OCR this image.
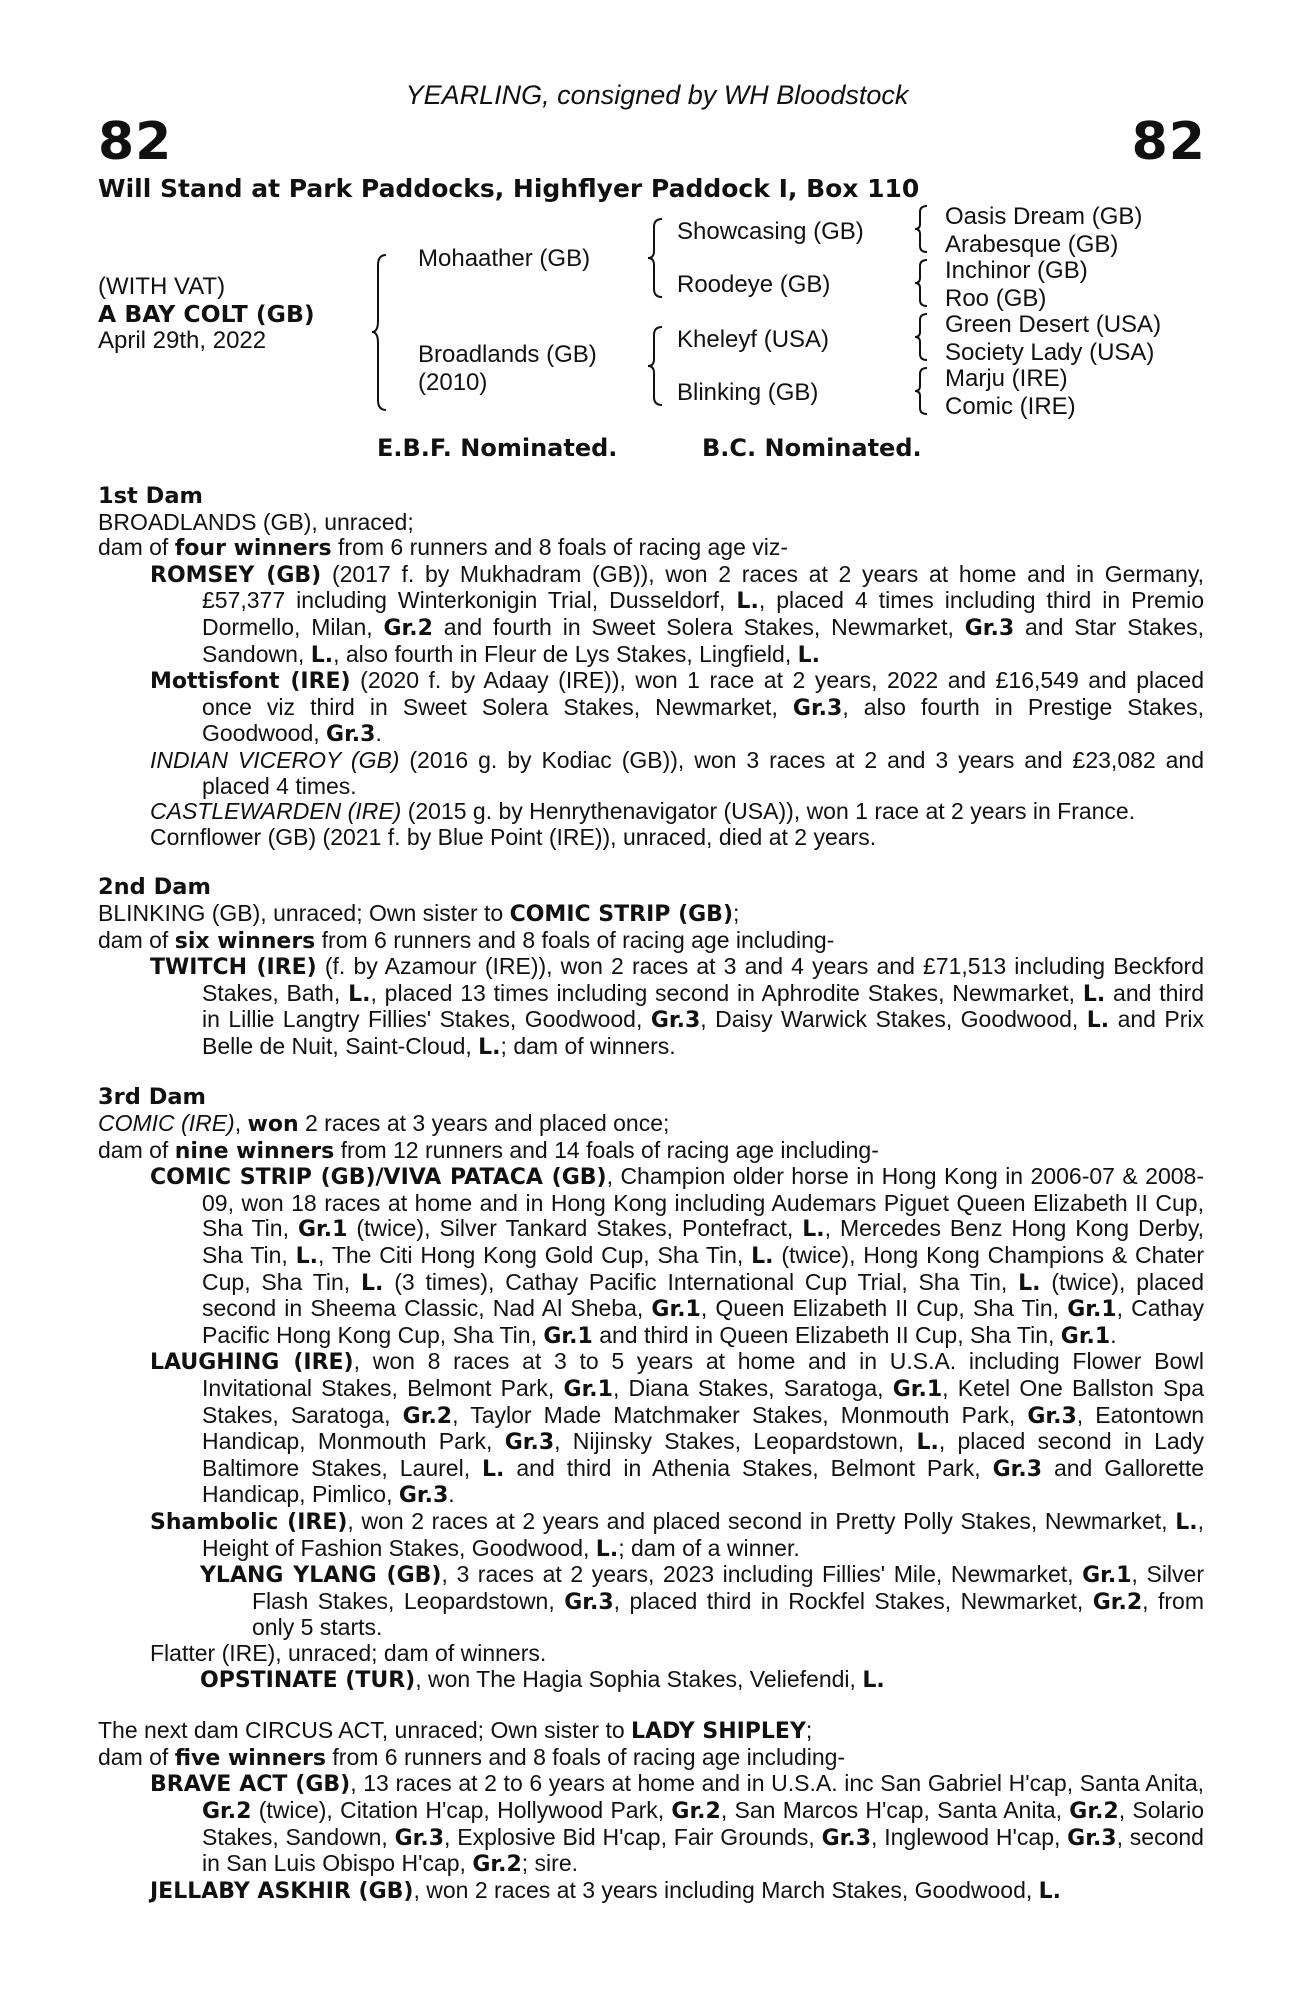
YEARLING, consigned by WH Bloodstock
82	82
Will Stand at Park Paddocks, Highflyer Paddock I, Box 110
(WITH VAT)
A BAY COLT (GB)
April 29th, 2022
Mohaather (GB)
Broadlands (GB)
(2010)
Showcasing (GB)
Roodeye (GB)
Kheleyf (USA)
Blinking (GB)
Oasis Dream (GB)
Arabesque (GB)
Inchinor (GB)
Roo (GB)
Green Desert (USA)
Society Lady (USA)
Marju (IRE)
Comic (IRE)
E.B.F. Nominated.	B.C. Nominated.

1st Dam

BROADLANDS (GB), unraced;

dam of four winners from 6 runners and 8 foals of racing age viz-

ROMSEY (GB) (2017 f. by Mukhadram (GB)), won 2 races at 2 years at home and in Germany, £57,377 including Winterkonigin Trial, Dusseldorf, L., placed 4 times including third in Premio Dormello, Milan, Gr.2 and fourth in Sweet Solera Stakes, Newmarket, Gr.3 and Star Stakes, Sandown, L., also fourth in Fleur de Lys Stakes, Lingfield, L.

Mottisfont (IRE) (2020 f. by Adaay (IRE)), won 1 race at 2 years, 2022 and £16,549 and placed once viz third in Sweet Solera Stakes, Newmarket, Gr.3, also fourth in Prestige Stakes, Goodwood, Gr.3.

INDIAN VICEROY (GB) (2016 g. by Kodiac (GB)), won 3 races at 2 and 3 years and £23,082 and placed 4 times.

CASTLEWARDEN (IRE) (2015 g. by Henrythenavigator (USA)), won 1 race at 2 years in France.

Cornflower (GB) (2021 f. by Blue Point (IRE)), unraced, died at 2 years.

2nd Dam

BLINKING (GB), unraced; Own sister to COMIC STRIP (GB);

dam of six winners from 6 runners and 8 foals of racing age including-

TWITCH (IRE) (f. by Azamour (IRE)), won 2 races at 3 and 4 years and £71,513 including Beckford Stakes, Bath, L., placed 13 times including second in Aphrodite Stakes, Newmarket, L. and third in Lillie Langtry Fillies' Stakes, Goodwood, Gr.3, Daisy Warwick Stakes, Goodwood, L. and Prix Belle de Nuit, Saint-Cloud, L.; dam of winners.

3rd Dam

COMIC (IRE), won 2 races at 3 years and placed once;

dam of nine winners from 12 runners and 14 foals of racing age including-

COMIC STRIP (GB)/VIVA PATACA (GB), Champion older horse in Hong Kong in 2006-07 & 2008-09, won 18 races at home and in Hong Kong including Audemars Piguet Queen Elizabeth II Cup, Sha Tin, Gr.1 (twice), Silver Tankard Stakes, Pontefract, L., Mercedes Benz Hong Kong Derby, Sha Tin, L., The Citi Hong Kong Gold Cup, Sha Tin, L. (twice), Hong Kong Champions & Chater Cup, Sha Tin, L. (3 times), Cathay Pacific International Cup Trial, Sha Tin, L. (twice), placed second in Sheema Classic, Nad Al Sheba, Gr.1, Queen Elizabeth II Cup, Sha Tin, Gr.1, Cathay Pacific Hong Kong Cup, Sha Tin, Gr.1 and third in Queen Elizabeth II Cup, Sha Tin, Gr.1.

LAUGHING (IRE), won 8 races at 3 to 5 years at home and in U.S.A. including Flower Bowl Invitational Stakes, Belmont Park, Gr.1, Diana Stakes, Saratoga, Gr.1, Ketel One Ballston Spa Stakes, Saratoga, Gr.2, Taylor Made Matchmaker Stakes, Monmouth Park, Gr.3, Eatontown Handicap, Monmouth Park, Gr.3, Nijinsky Stakes, Leopardstown, L., placed second in Lady Baltimore Stakes, Laurel, L. and third in Athenia Stakes, Belmont Park, Gr.3 and Gallorette Handicap, Pimlico, Gr.3.

Shambolic (IRE), won 2 races at 2 years and placed second in Pretty Polly Stakes, Newmarket, L., Height of Fashion Stakes, Goodwood, L.; dam of a winner.

YLANG YLANG (GB), 3 races at 2 years, 2023 including Fillies' Mile, Newmarket, Gr.1, Silver Flash Stakes, Leopardstown, Gr.3, placed third in Rockfel Stakes, Newmarket, Gr.2, from only 5 starts.

Flatter (IRE), unraced; dam of winners.

OPSTINATE (TUR), won The Hagia Sophia Stakes, Veliefendi, L.

The next dam CIRCUS ACT, unraced; Own sister to LADY SHIPLEY;

dam of five winners from 6 runners and 8 foals of racing age including-

BRAVE ACT (GB), 13 races at 2 to 6 years at home and in U.S.A. inc San Gabriel H'cap, Santa Anita, Gr.2 (twice), Citation H'cap, Hollywood Park, Gr.2, San Marcos H'cap, Santa Anita, Gr.2, Solario Stakes, Sandown, Gr.3, Explosive Bid H'cap, Fair Grounds, Gr.3, Inglewood H'cap, Gr.3, second in San Luis Obispo H'cap, Gr.2; sire.

JELLABY ASKHIR (GB), won 2 races at 3 years including March Stakes, Goodwood, L.
